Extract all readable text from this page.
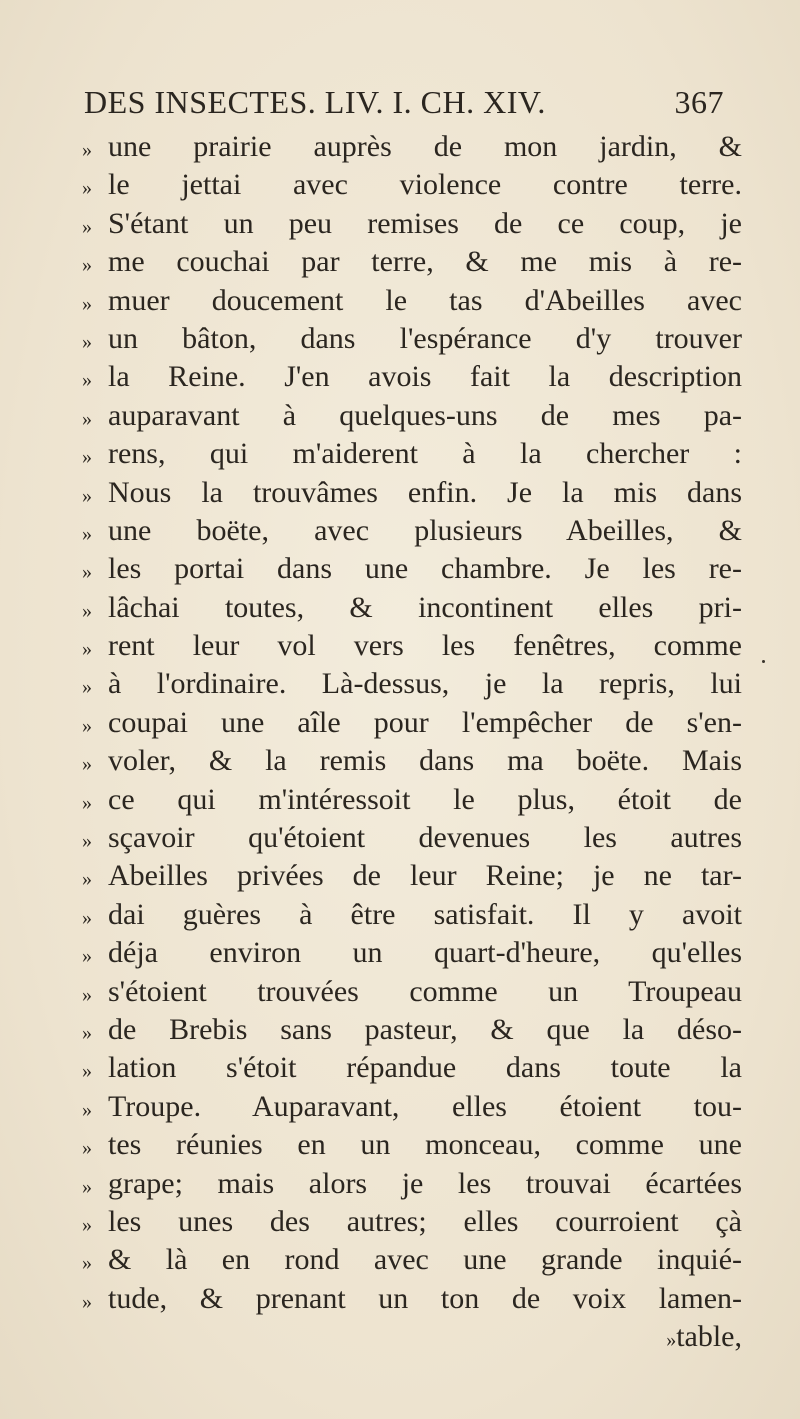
DES INSECTES. LIV. I. CH. XIV.	367
» une prairie auprès de mon jardin, &
» le jettai avec violence contre terre.
» S'étant un peu remises de ce coup, je
» me couchai par terre, & me mis à re-
» muer doucement le tas d'Abeilles avec
» un bâton, dans l'espérance d'y trouver
» la Reine. J'en avois fait la description
» auparavant à quelques-uns de mes pa-
» rens, qui m'aiderent à la chercher :
» Nous la trouvâmes enfin. Je la mis dans
» une boëte, avec plusieurs Abeilles, &
» les portai dans une chambre. Je les re-
» lâchai toutes, & incontinent elles pri-
» rent leur vol vers les fenêtres, comme
» à l'ordinaire. Là-dessus, je la repris, lui
» coupai une aîle pour l'empêcher de s'en-
» voler, & la remis dans ma boëte. Mais
» ce qui m'intéressoit le plus, étoit de
» sçavoir qu'étoient devenues les autres
» Abeilles privées de leur Reine; je ne tar-
» dai guères à être satisfait. Il y avoit
» déja environ un quart-d'heure, qu'elles
» s'étoient trouvées comme un Troupeau
» de Brebis sans pasteur, & que la déso-
» lation s'étoit répandue dans toute la
» Troupe. Auparavant, elles étoient tou-
» tes réunies en un monceau, comme une
» grape; mais alors je les trouvai écartées
» les unes des autres; elles courroient çà
» & là en rond avec une grande inquié-
» tude, & prenant un ton de voix lamen-
»table,
